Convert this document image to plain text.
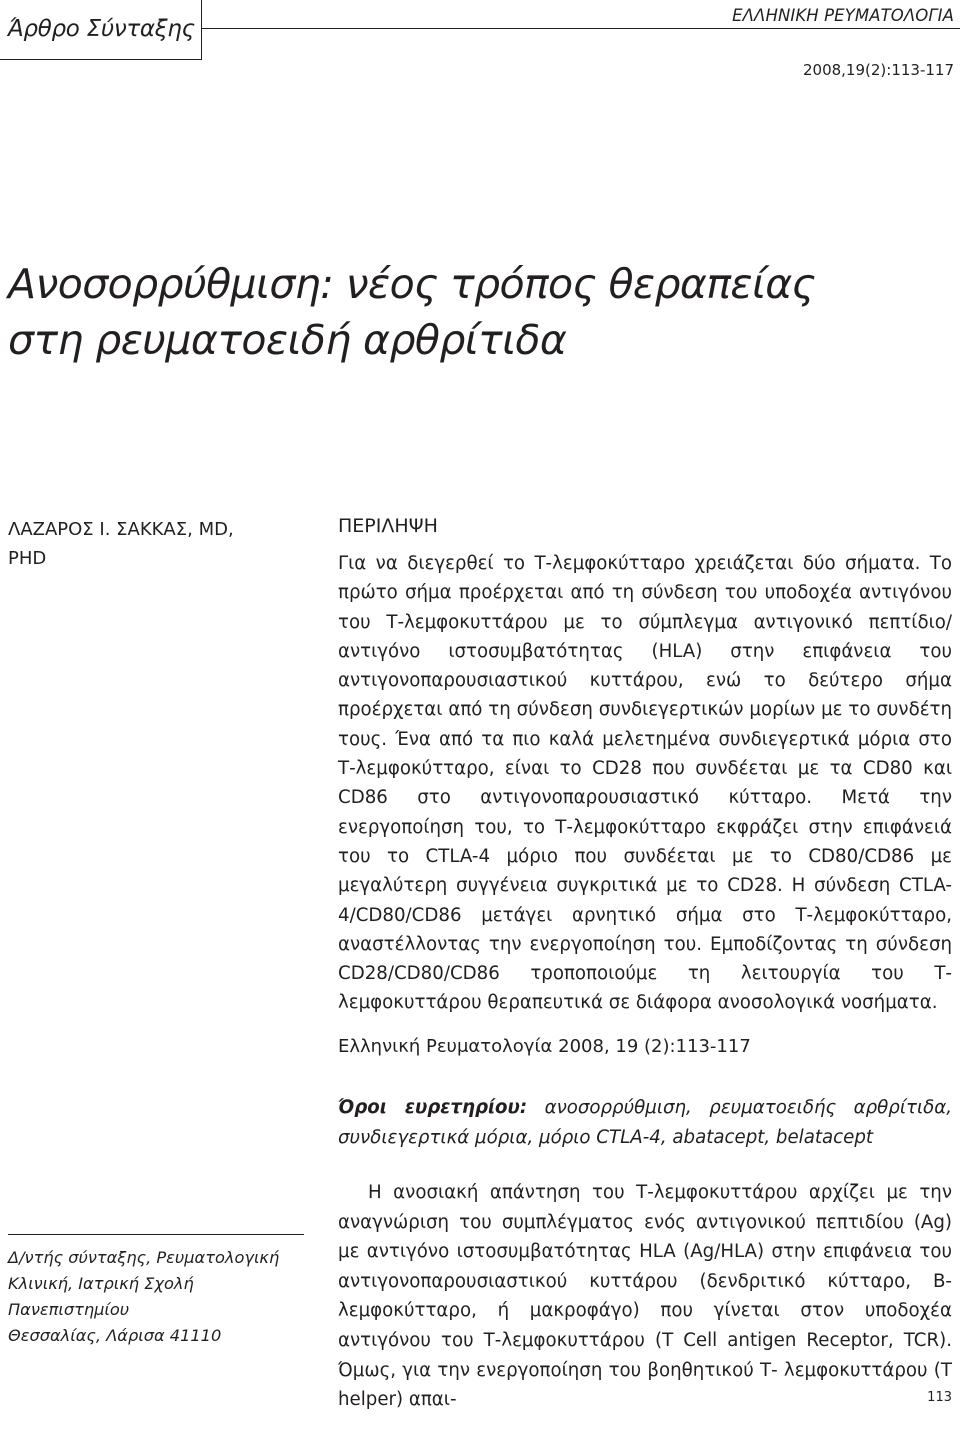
Άρθρο Σύνταξης
ΕΛΛΗΝΙΚΗ ΡΕΥΜΑΤΟΛΟΓΙΑ
2008,19(2):113-117
Ανοσορρύθμιση: νέος τρόπος θεραπείας
στη ρευματοειδή αρθρίτιδα
ΛΑΖΑΡΟΣ Ι. ΣΑΚΚΑΣ, MD,
PHD
ΠΕΡΙΛΗΨΗ
Για να διεγερθεί το Τ-λεμφοκύτταρο χρειάζεται δύο σήματα. Το πρώτο σήμα προέρχεται από τη σύνδεση του υποδοχέα αντιγόνου του Τ-λεμφοκυττάρου με το σύμπλεγμα αντιγονικό πεπτίδιο/αντιγόνο ιστοσυμβατότητας (HLA) στην επιφάνεια του αντιγονοπαρουσιαστικού κυττάρου, ενώ το δεύτερο σήμα προέρχεται από τη σύνδεση συνδιεγερτικών μορίων με το συνδέτη τους. Ένα από τα πιο καλά μελετημένα συνδιεγερτικά μόρια στο Τ-λεμφοκύτταρο, είναι το CD28 που συνδέεται με τα CD80 και CD86 στο αντιγονοπαρουσιαστικό κύτταρο. Μετά την ενεργοποίηση του, το Τ-λεμφοκύτταρο εκφράζει στην επιφάνειά του το CTLA-4 μόριο που συνδέεται με το CD80/CD86 με μεγαλύτερη συγγένεια συγκριτικά με το CD28. Η σύνδεση CTLA-4/CD80/CD86 μετάγει αρνητικό σήμα στο Τ-λεμφοκύτταρο, αναστέλλοντας την ενεργοποίηση του. Εμποδίζοντας τη σύνδεση CD28/CD80/CD86 τροποποιούμε τη λειτουργία του Τ-λεμφοκυττάρου θεραπευτικά σε διάφορα ανοσολογικά νοσήματα.
Ελληνική Ρευματολογία 2008, 19 (2):113-117
Όροι ευρετηρίου: ανοσορρύθμιση, ρευματοειδής αρθρίτιδα, συνδιεγερτικά μόρια, μόριο CTLA-4, abatacept, belatacept
Δ/ντής σύνταξης, Ρευματολογική
Κλινική, Ιατρική Σχολή Πανεπιστημίου
Θεσσαλίας, Λάρισα 41110
Η ανοσιακή απάντηση του Τ-λεμφοκυττάρου αρχίζει με την αναγνώριση του συμπλέγματος ενός αντιγονικού πεπτιδίου (Ag) με αντιγόνο ιστοσυμβατότητας HLA (Ag/HLA) στην επιφάνεια του αντιγονοπαρουσιαστικού κυττάρου (δενδριτικό κύτταρο, Β-λεμφοκύτταρο, ή μακροφάγο) που γίνεται στον υποδοχέα αντιγόνου του Τ-λεμφοκυττάρου (T Cell antigen Receptor, TCR). Όμως, για την ενεργοποίηση του βοηθητικού Τ- λεμφοκυττάρου (T helper) απαι-	113
